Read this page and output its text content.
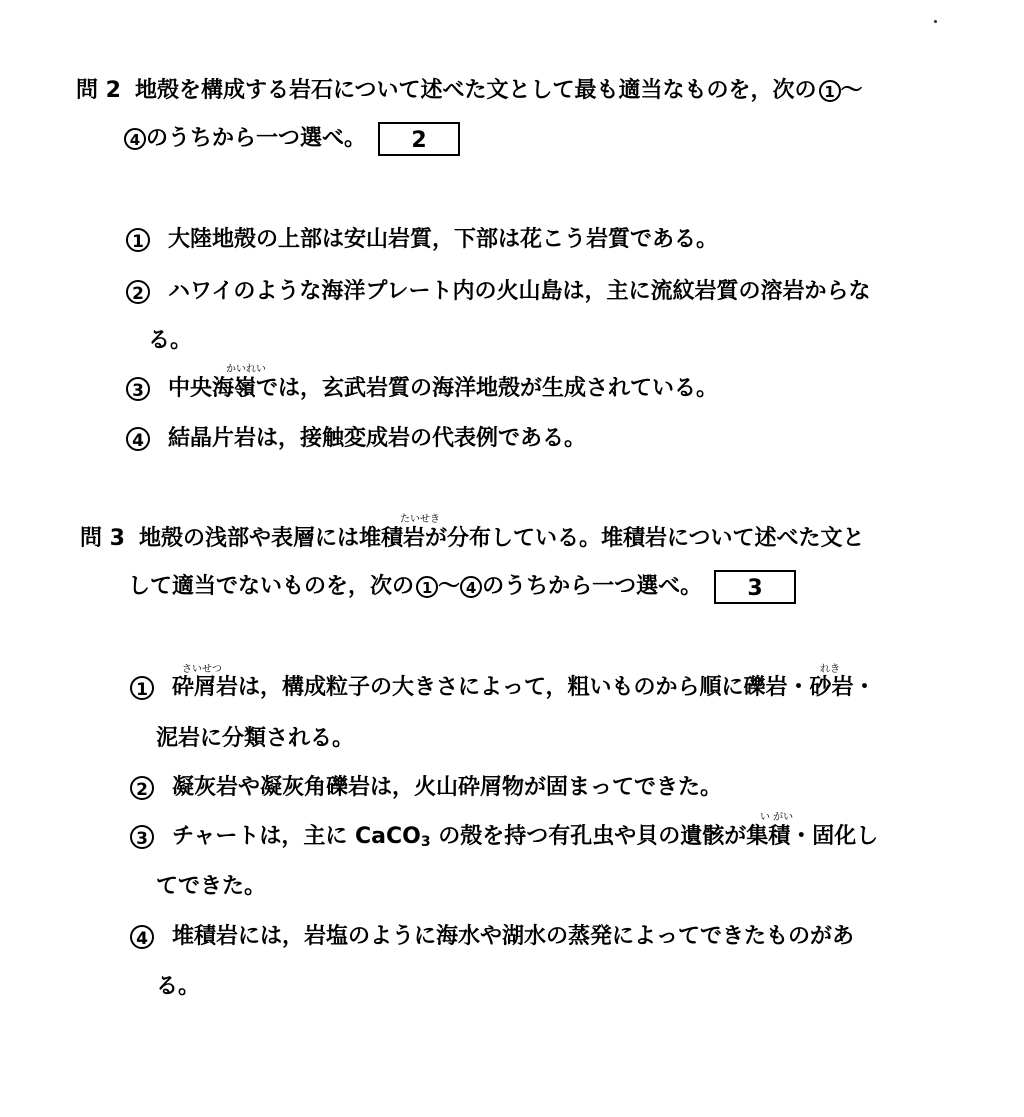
問 2 地殻を構成する岩石について述べた文として最も適当なものを，次の 1 〜
4 のうちから一つ選べ。 2
1 大陸地殻の上部は安山岩質，下部は花こう岩質である。
2 ハワイのような海洋プレート内の火山島は，主に流紋岩質の溶岩からな
る。
かいれい
3 中央海嶺では，玄武岩質の海洋地殻が生成されている。
4 結晶片岩は，接触変成岩の代表例である。
たいせき
問 3 地殻の浅部や表層には堆積岩が分布している。堆積岩について述べた文と
して適当でないものを，次の 1 〜 4 のうちから一つ選べ。 3
さいせつ	れき
1 砕屑岩は，構成粒子の大きさによって，粗いものから順に礫岩・砂岩・
泥岩に分類される。
2 凝灰岩や凝灰角礫岩は，火山砕屑物が固まってできた。
い がい
3 チャートは，主に CaCO$_3$ の殻を持つ有孔虫や貝の遺骸が集積・固化し
てできた。
4 堆積岩には，岩塩のように海水や湖水の蒸発によってできたものがあ
る。
